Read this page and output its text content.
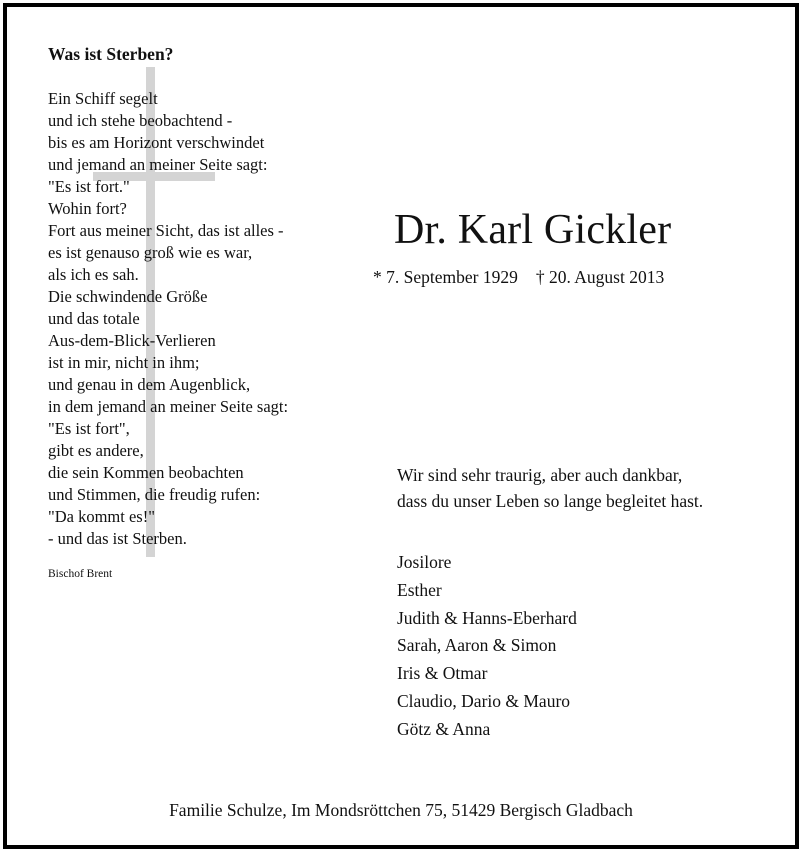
Was ist Sterben?
Ein Schiff segelt
und ich stehe beobachtend -
bis es am Horizont verschwindet
und jemand an meiner Seite sagt:
"Es ist fort."
Wohin fort?
Fort aus meiner Sicht, das ist alles -
es ist genauso groß wie es war,
als ich es sah.
Die schwindende Größe
und das totale
Aus-dem-Blick-Verlieren
ist in mir, nicht in ihm;
und genau in dem Augenblick,
in dem jemand an meiner Seite sagt:
"Es ist fort",
gibt es andere,
die sein Kommen beobachten
und Stimmen, die freudig rufen:
"Da kommt es!"
- und das ist Sterben.
Bischof Brent
Dr. Karl Gickler
* 7. September 1929 † 20. August 2013
Wir sind sehr traurig, aber auch dankbar,
dass du unser Leben so lange begleitet hast.
Josilore
Esther
Judith & Hanns-Eberhard
Sarah, Aaron & Simon
Iris & Otmar
Claudio, Dario & Mauro
Götz & Anna
Familie Schulze, Im Mondsröttchen 75, 51429 Bergisch Gladbach
